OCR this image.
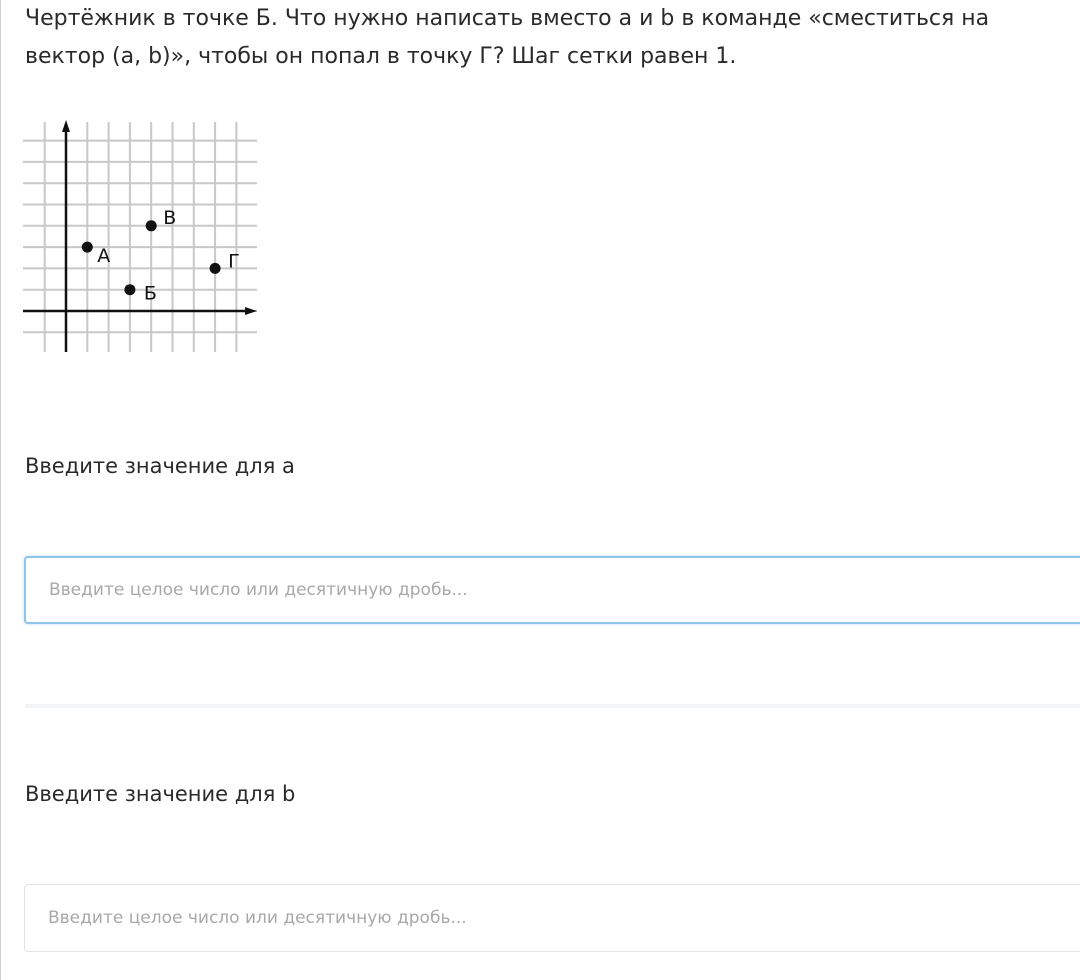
Чертёжник в точке Б. Что нужно написать вместо a и b в команде «сместиться на вектор (a, b)», чтобы он попал в точку Г? Шаг сетки равен 1.
А
В
Б
Г
Введите значение для a
Введите целое число или десятичную дробь...
Введите значение для b
Введите целое число или десятичную дробь...
